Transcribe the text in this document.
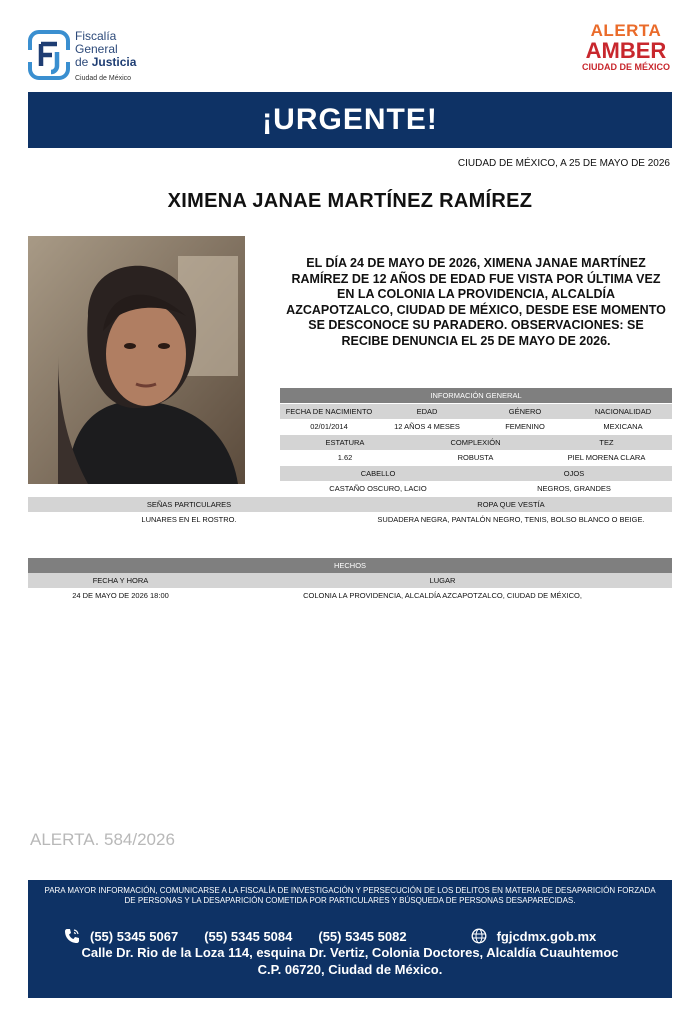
Fiscalía
General
de Justicia
Ciudad de México
ALERTA
AMBER
CIUDAD DE MÉXICO
¡URGENTE!
CIUDAD DE MÉXICO, A 25 DE MAYO DE 2026
XIMENA JANAE MARTÍNEZ RAMÍREZ
EL DÍA 24 DE MAYO DE 2026, XIMENA JANAE MARTÍNEZ RAMÍREZ DE 12 AÑOS DE EDAD FUE VISTA POR ÚLTIMA VEZ EN LA COLONIA LA PROVIDENCIA, ALCALDÍA AZCAPOTZALCO, CIUDAD DE MÉXICO, DESDE ESE MOMENTO SE DESCONOCE SU PARADERO. OBSERVACIONES: SE RECIBE DENUNCIA EL 25 DE MAYO DE 2026.
INFORMACIÓN GENERAL
FECHA DE NACIMIENTO	EDAD	GÉNERO	NACIONALIDAD
02/01/2014	12 AÑOS 4 MESES	FEMENINO	MEXICANA
ESTATURA	COMPLEXIÓN	TEZ
1.62	ROBUSTA	PIEL MORENA CLARA
CABELLO	OJOS
CASTAÑO OSCURO, LACIO	NEGROS, GRANDES
SEÑAS PARTICULARES	ROPA QUE VESTÍA
LUNARES EN EL ROSTRO.	SUDADERA NEGRA, PANTALÓN NEGRO, TENIS, BOLSO BLANCO O BEIGE.
HECHOS
FECHA Y HORA	LUGAR
24 DE MAYO DE 2026 18:00	COLONIA LA PROVIDENCIA, ALCALDÍA AZCAPOTZALCO, CIUDAD DE MÉXICO,
ALERTA. 584/2026
PARA MAYOR INFORMACIÓN, COMUNICARSE A LA FISCALÍA DE INVESTIGACIÓN Y PERSECUCIÓN DE LOS DELITOS EN MATERIA DE DESAPARICIÓN FORZADA DE PERSONAS Y LA DESAPARICIÓN COMETIDA POR PARTICULARES Y BÚSQUEDA DE PERSONAS DESAPARECIDAS.
(55) 5345 5067 (55) 5345 5084 (55) 5345 5082	fgjcdmx.gob.mx
Calle Dr. Rio de la Loza 114, esquina Dr. Vertiz, Colonia Doctores, Alcaldía Cuauhtemoc
C.P. 06720, Ciudad de México.
